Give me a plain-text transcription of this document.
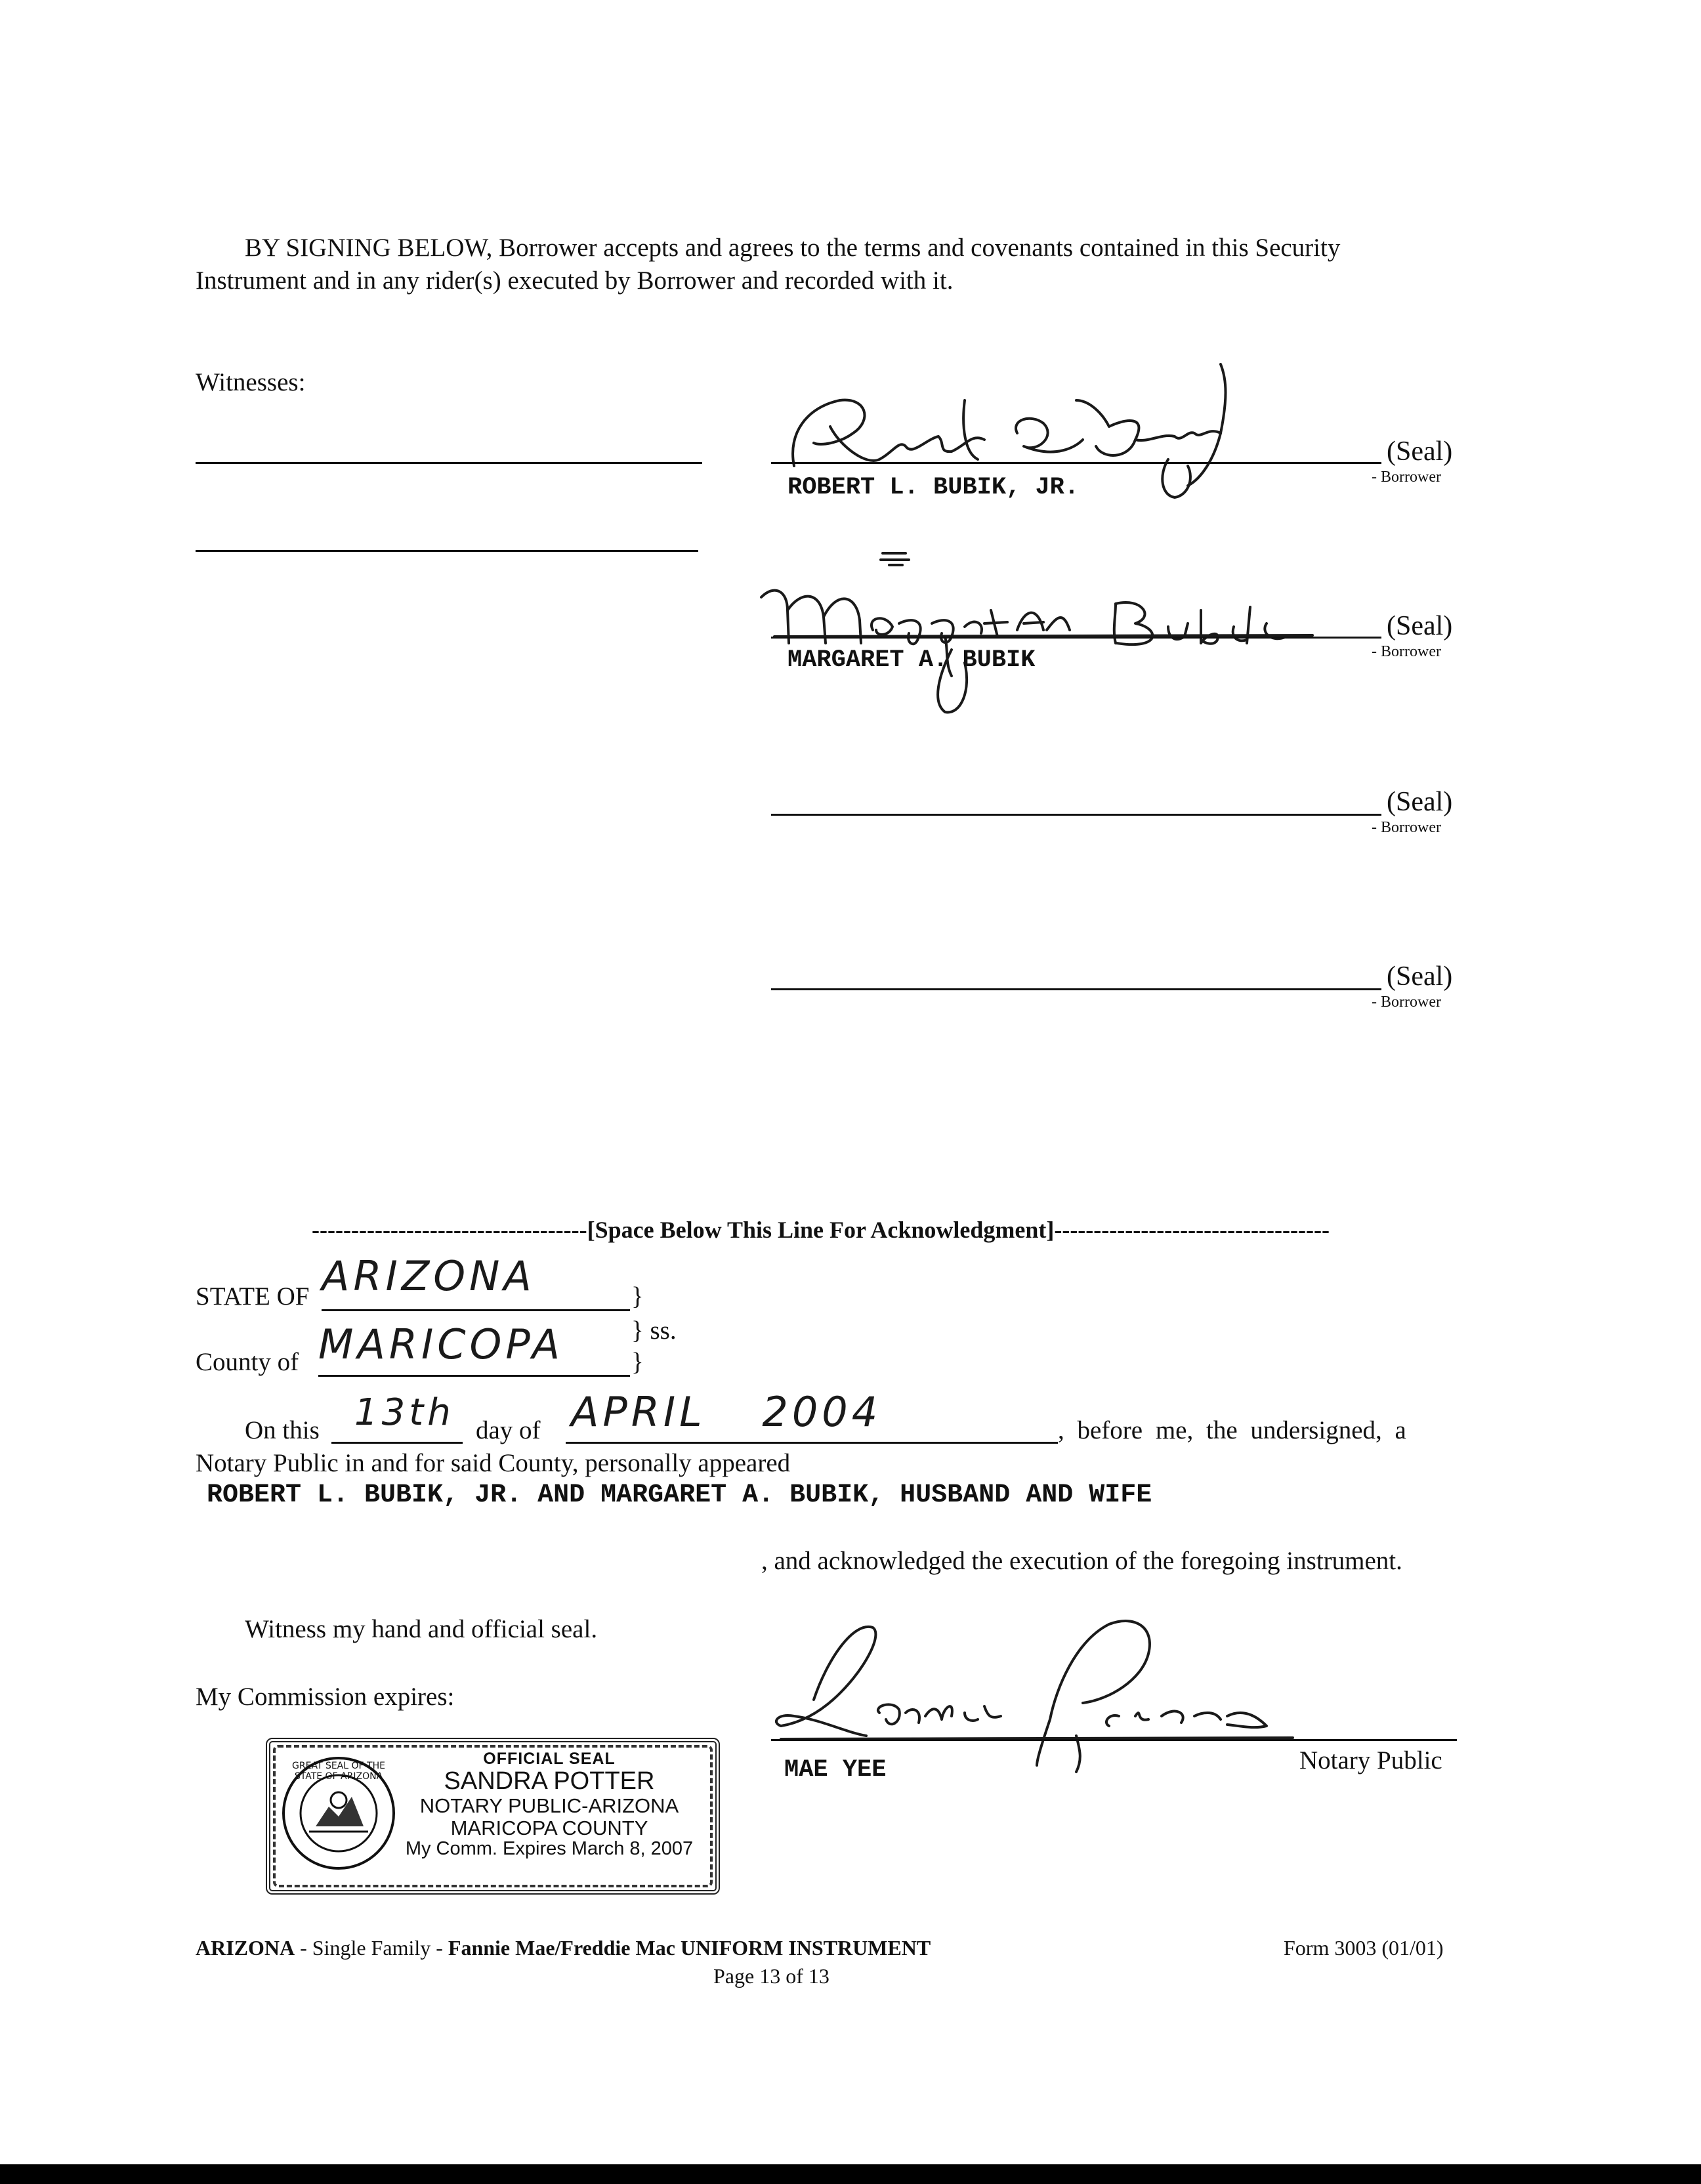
BY SIGNING BELOW, Borrower accepts and agrees to the terms and covenants contained in this Security
Instrument and in any rider(s) executed by Borrower and recorded with it.
Witnesses:
(Seal)
- Borrower
ROBERT L. BUBIK, JR.
(Seal)
- Borrower
MARGARET A. BUBIK
(Seal)
- Borrower
(Seal)
- Borrower
-----------------------------------[Space Below This Line For Acknowledgment]-----------------------------------
STATE OF ARIZONA	}
} ss.
County of MARICOPA	}
On this 13th day of APRIL 2004	, before me, the undersigned, a
Notary Public in and for said County, personally appeared
ROBERT L. BUBIK, JR. AND MARGARET A. BUBIK, HUSBAND AND WIFE
, and acknowledged the execution of the foregoing instrument.
Witness my hand and official seal.
My Commission expires:
MAE YEE	Notary Public
GREAT SEAL OF THE STATE OF ARIZONA
OFFICIAL SEAL
SANDRA POTTER
NOTARY PUBLIC-ARIZONA
MARICOPA COUNTY
My Comm. Expires March 8, 2007
ARIZONA - Single Family - Fannie Mae/Freddie Mac UNIFORM INSTRUMENT	Form 3003 (01/01)
Page 13 of 13
